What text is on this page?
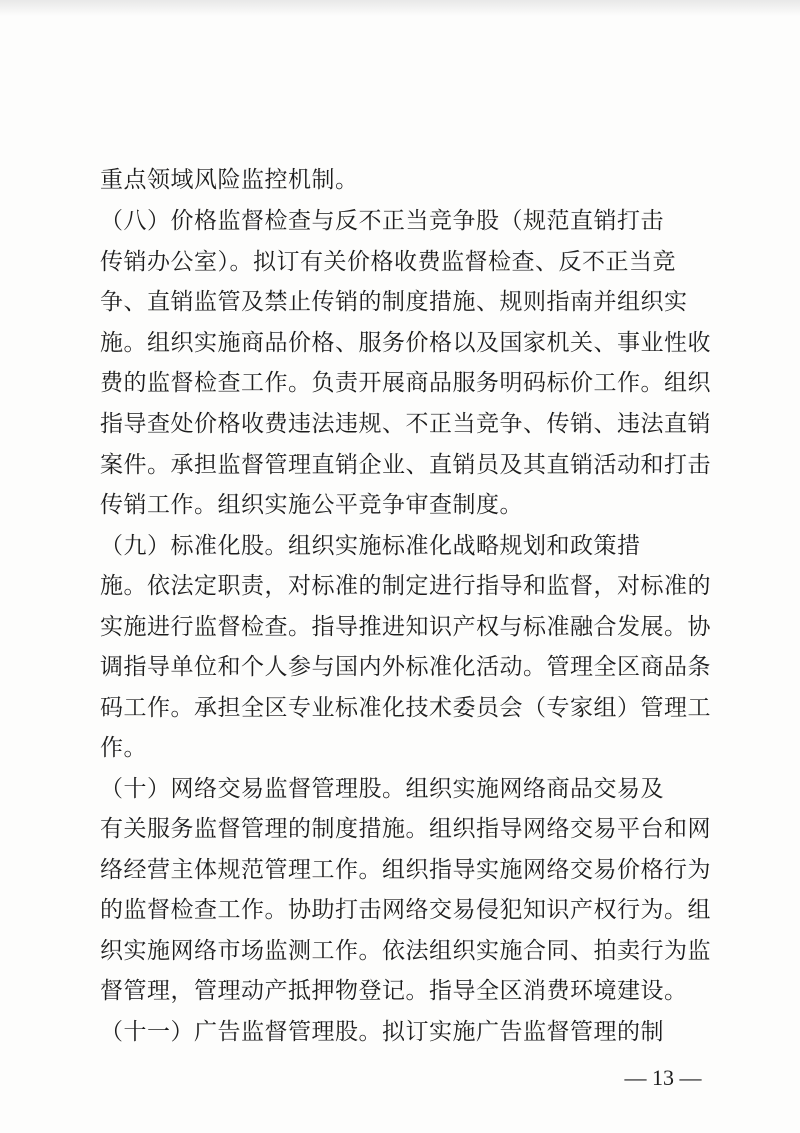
重点领域风险监控机制。
（八）价格监督检查与反不正当竞争股（规范直销打击
传销办公室）。拟订有关价格收费监督检查、反不正当竞
争、直销监管及禁止传销的制度措施、规则指南并组织实
施。组织实施商品价格、服务价格以及国家机关、事业性收
费的监督检查工作。负责开展商品服务明码标价工作。组织
指导查处价格收费违法违规、不正当竞争、传销、违法直销
案件。承担监督管理直销企业、直销员及其直销活动和打击
传销工作。组织实施公平竞争审查制度。
（九）标准化股。组织实施标准化战略规划和政策措
施。依法定职责，对标准的制定进行指导和监督，对标准的
实施进行监督检查。指导推进知识产权与标准融合发展。协
调指导单位和个人参与国内外标准化活动。管理全区商品条
码工作。承担全区专业标准化技术委员会（专家组）管理工
作。
（十）网络交易监督管理股。组织实施网络商品交易及
有关服务监督管理的制度措施。组织指导网络交易平台和网
络经营主体规范管理工作。组织指导实施网络交易价格行为
的监督检查工作。协助打击网络交易侵犯知识产权行为。组
织实施网络市场监测工作。依法组织实施合同、拍卖行为监
督管理，管理动产抵押物登记。指导全区消费环境建设。
（十一）广告监督管理股。拟订实施广告监督管理的制
— 13 —
